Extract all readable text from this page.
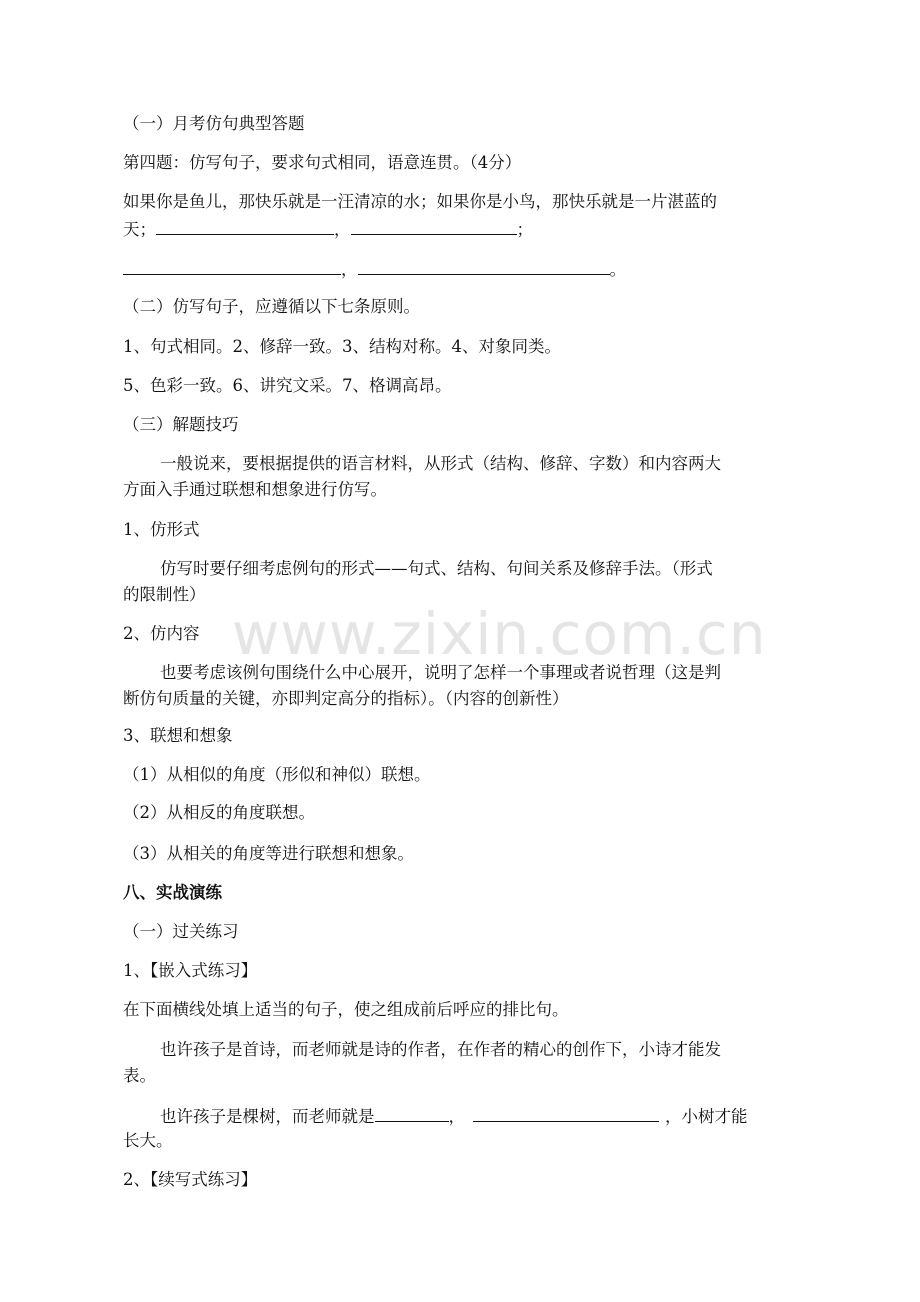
（一）月考仿句典型答题
第四题：仿写句子，要求句式相同，语意连贯。（4分）
如果你是鱼儿，那快乐就是一汪清凉的水；如果你是小鸟，那快乐就是一片湛蓝的
天；	，	；
，	。
（二）仿写句子，应遵循以下七条原则。
1、句式相同。2、修辞一致。3、结构对称。4、对象同类。
5、色彩一致。6、讲究文采。7、格调高昂。
（三）解题技巧
一般说来，要根据提供的语言材料，从形式（结构、修辞、字数）和内容两大
方面入手通过联想和想象进行仿写。
1、仿形式
仿写时要仔细考虑例句的形式——句式、结构、句间关系及修辞手法。（形式
的限制性）
2、仿内容
也要考虑该例句围绕什么中心展开，说明了怎样一个事理或者说哲理（这是判
断仿句质量的关键，亦即判定高分的指标）。（内容的创新性）
3、联想和想象
（1）从相似的角度（形似和神似）联想。
（2）从相反的角度联想。
（3）从相关的角度等进行联想和想象。
八、实战演练
（一）过关练习
1、【嵌入式练习】
在下面横线处填上适当的句子，使之组成前后呼应的排比句。
也许孩子是首诗，而老师就是诗的作者，在作者的精心的创作下，小诗才能发
表。
也许孩子是棵树，而老师就是	，	，小树才能
长大。
2、【续写式练习】
www.zixin.com.cn
